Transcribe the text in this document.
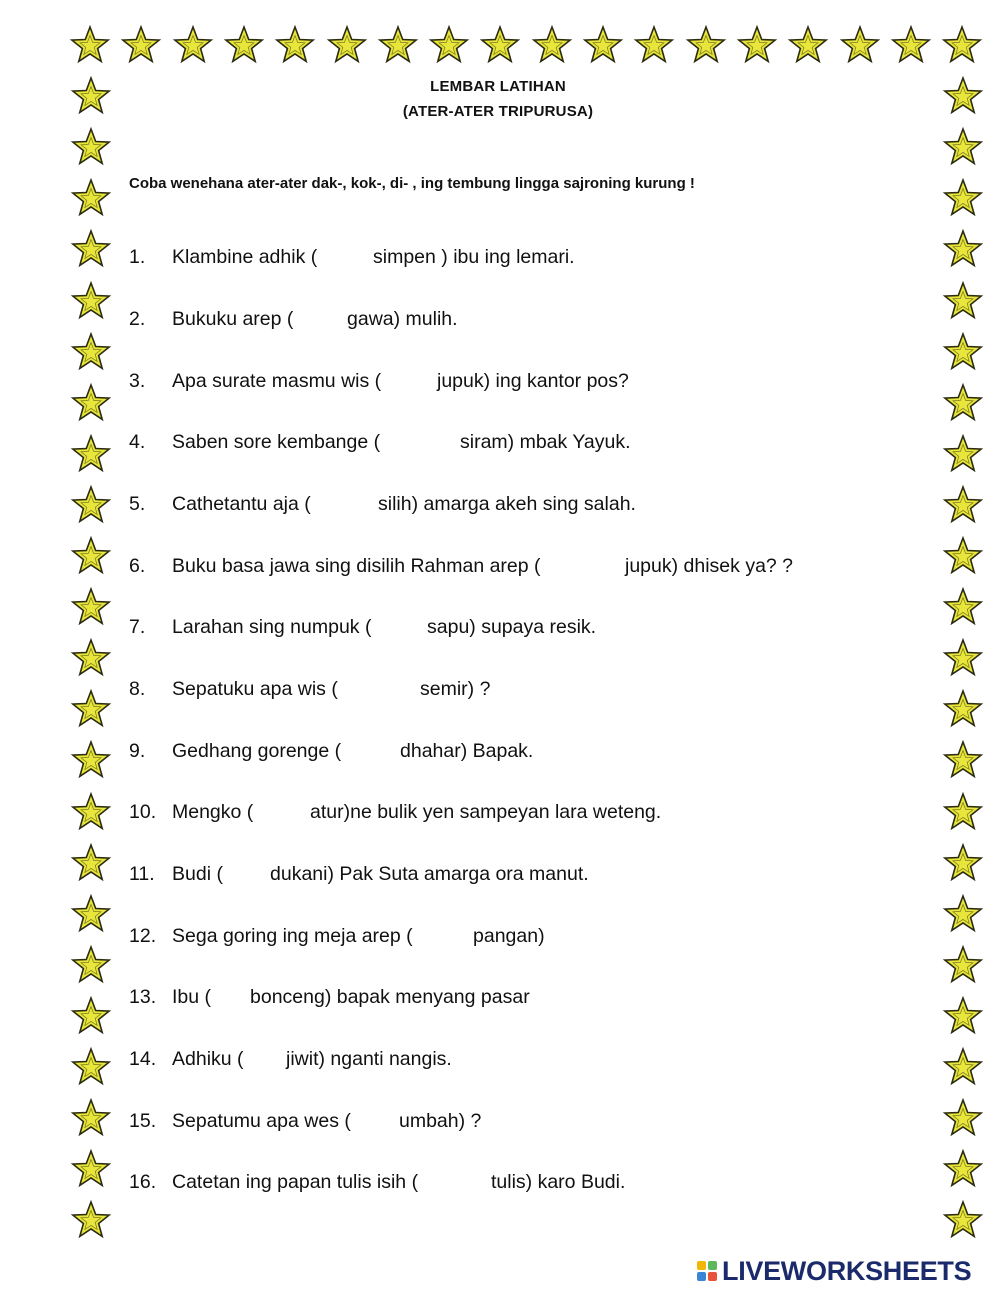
LEMBAR LATIHAN
(ATER-ATER TRIPURUSA)
Coba wenehana ater-ater dak-, kok-, di- , ing tembung lingga sajroning kurung !
1. Klambine adhik (	simpen ) ibu ing lemari.
2. Bukuku arep (	gawa) mulih.
3. Apa surate masmu wis (	jupuk) ing kantor pos?
4. Saben sore kembange (	siram) mbak Yayuk.
5. Cathetantu aja (	silih) amarga akeh sing salah.
6. Buku basa jawa sing disilih Rahman arep (	jupuk) dhisek ya? ?
7. Larahan sing numpuk (	sapu) supaya resik.
8. Sepatuku apa wis (	semir) ?
9. Gedhang gorenge (	dhahar) Bapak.
10. Mengko (	atur)ne bulik yen sampeyan lara weteng.
11. Budi ( dukani) Pak Suta amarga ora manut.
12. Sega goring ing meja arep (	pangan)
13. Ibu ( bonceng) bapak menyang pasar
14. Adhiku ( jiwit) nganti nangis.
15. Sepatumu apa wes ( umbah) ?
16. Catetan ing papan tulis isih (	tulis) karo Budi.
LIVEWORKSHEETS
